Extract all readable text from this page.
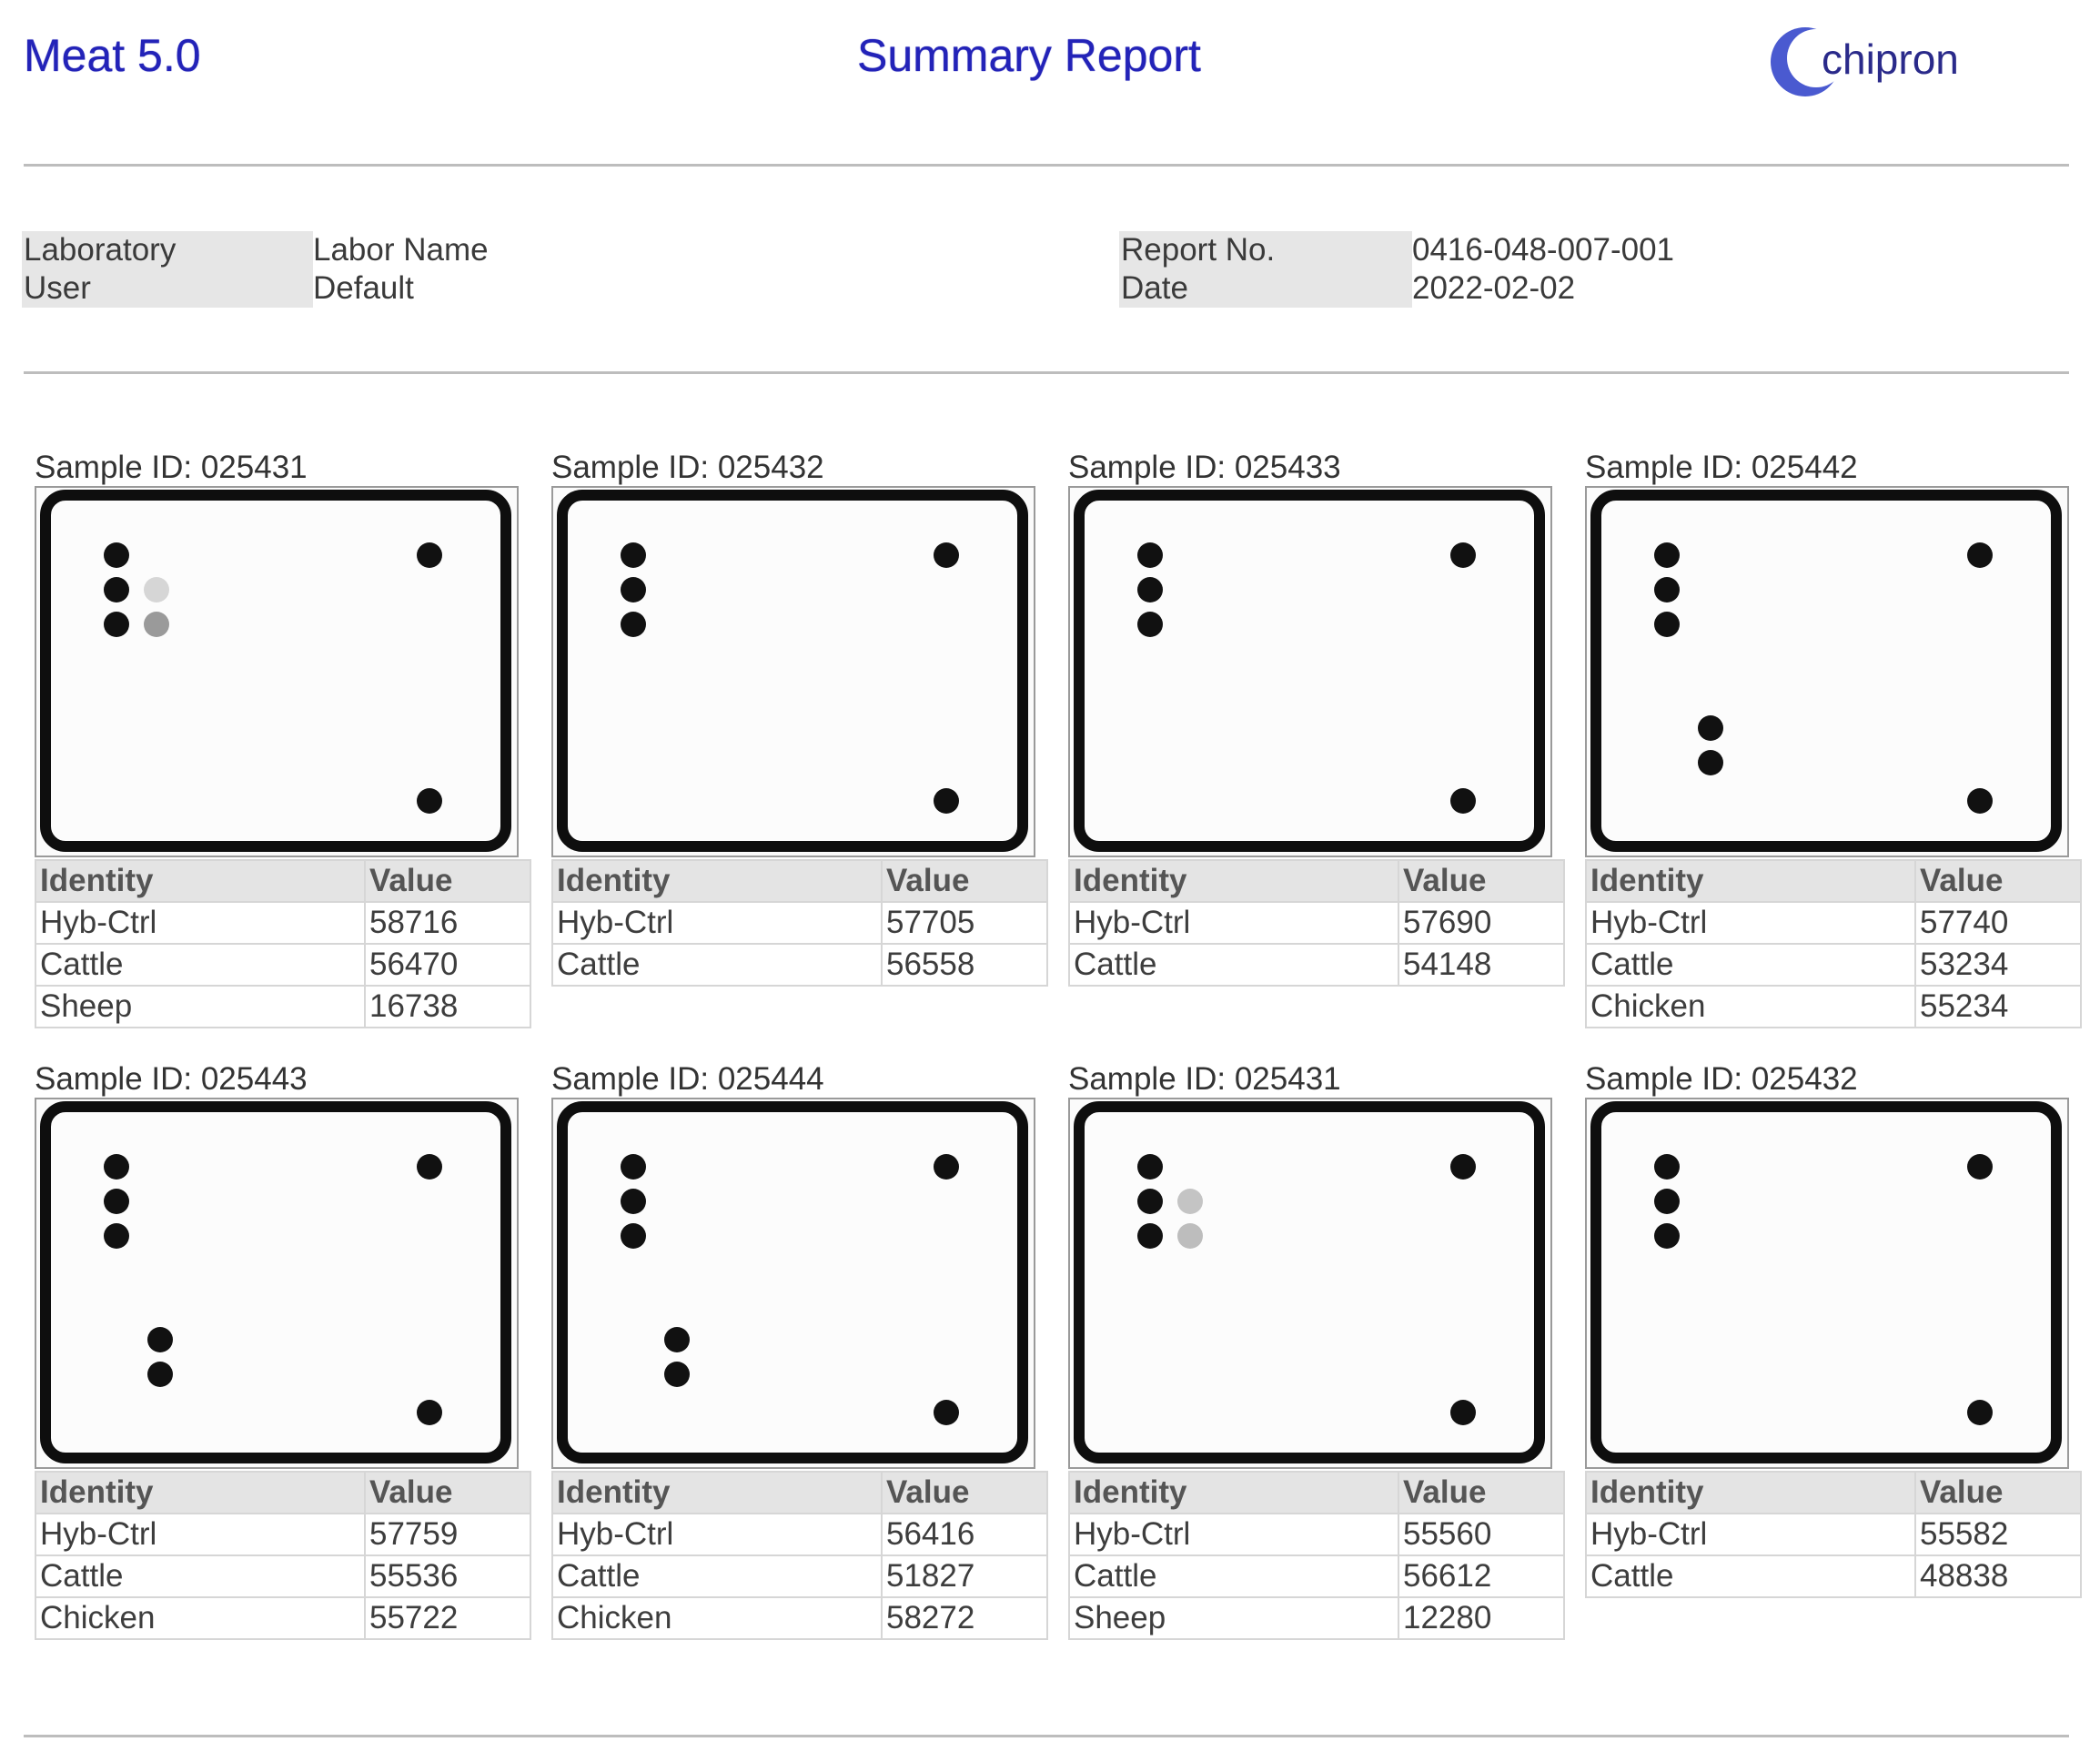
Meat 5.0	Summary Report	chipron
Laboratory	Labor Name
User	Default
Report No.	0416-048-007-001
Date	2022-02-02
Sample ID: 025431
Identity	Value
Hyb-Ctrl	58716
Cattle	56470
Sheep	16738
Sample ID: 025432
Identity	Value
Hyb-Ctrl	57705
Cattle	56558
Sample ID: 025433
Identity	Value
Hyb-Ctrl	57690
Cattle	54148
Sample ID: 025442
Identity	Value
Hyb-Ctrl	57740
Cattle	53234
Chicken	55234
Sample ID: 025443
Identity	Value
Hyb-Ctrl	57759
Cattle	55536
Chicken	55722
Sample ID: 025444
Identity	Value
Hyb-Ctrl	56416
Cattle	51827
Chicken	58272
Sample ID: 025431
Identity	Value
Hyb-Ctrl	55560
Cattle	56612
Sheep	12280
Sample ID: 025432
Identity	Value
Hyb-Ctrl	55582
Cattle	48838
